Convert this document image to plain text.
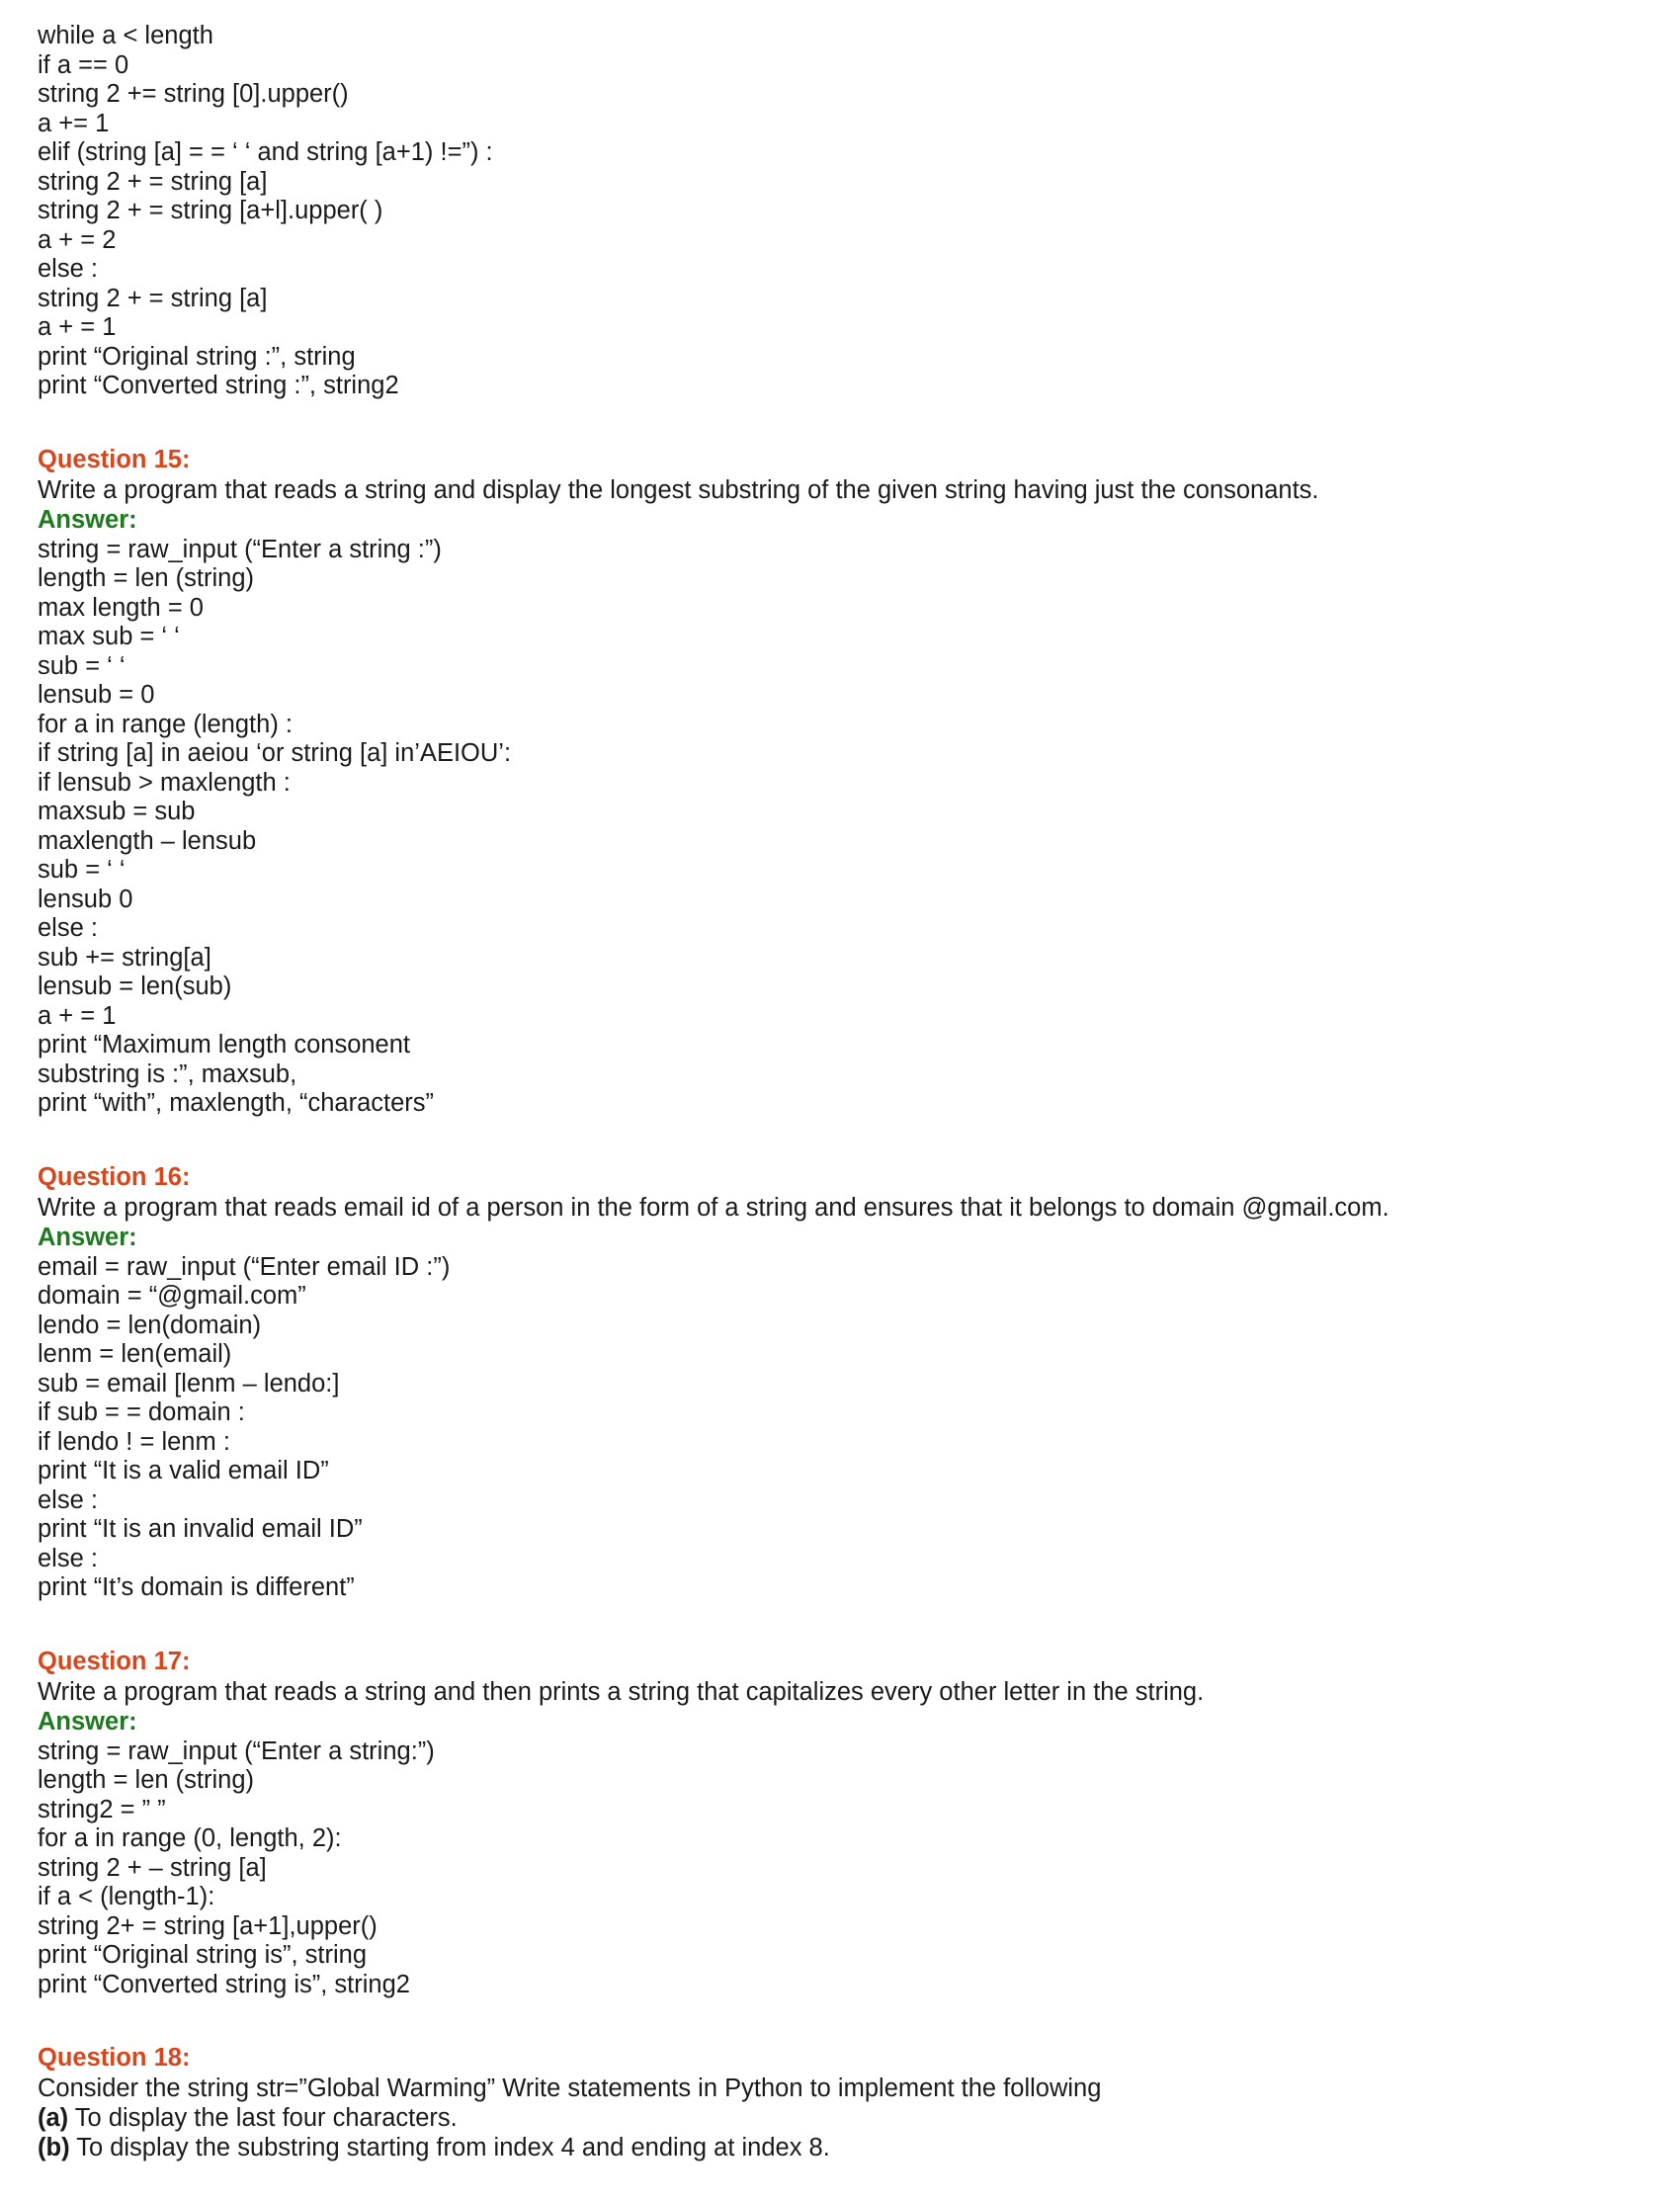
while a < length
if a == 0
string 2 += string [0].upper()
a += 1
elif (string [a] = = ‘ ‘ and string [a+1) !=”) :
string 2 + = string [a]
string 2 + = string [a+l].upper( )
a + = 2
else :
string 2 + = string [a]
a + = 1
print “Original string :”, string
print “Converted string :”, string2
Question 15:
Write a program that reads a string and display the longest substring of the given string having just the consonants.
Answer:
string = raw_input (“Enter a string :”)
length = len (string)
max length = 0
max sub = ‘ ‘
sub = ‘ ‘
lensub = 0
for a in range (length) :
if string [a] in aeiou ‘or string [a] in’AEIOU’:
if lensub > maxlength :
maxsub = sub
maxlength – lensub
sub = ‘ ‘
lensub 0
else :
sub += string[a]
lensub = len(sub)
a + = 1
print “Maximum length consonent
substring is :”, maxsub,
print “with”, maxlength, “characters”
Question 16:
Write a program that reads email id of a person in the form of a string and ensures that it belongs to domain @gmail.com.
Answer:
email = raw_input (“Enter email ID :”)
domain = “@gmail.com”
lendo = len(domain)
lenm = len(email)
sub = email [lenm – lendo:]
if sub = = domain :
if lendo ! = lenm :
print “It is a valid email ID”
else :
print “It is an invalid email ID”
else :
print “It’s domain is different”
Question 17:
Write a program that reads a string and then prints a string that capitalizes every other letter in the string.
Answer:
string = raw_input (“Enter a string:”)
length = len (string)
string2 = ” ”
for a in range (0, length, 2):
string 2 + – string [a]
if a < (length-1):
string 2+ = string [a+1],upper()
print “Original string is”, string
print “Converted string is”, string2
Question 18:
Consider the string str=”Global Warming” Write statements in Python to implement the following
(a) To display the last four characters.
(b) To display the substring starting from index 4 and ending at index 8.
